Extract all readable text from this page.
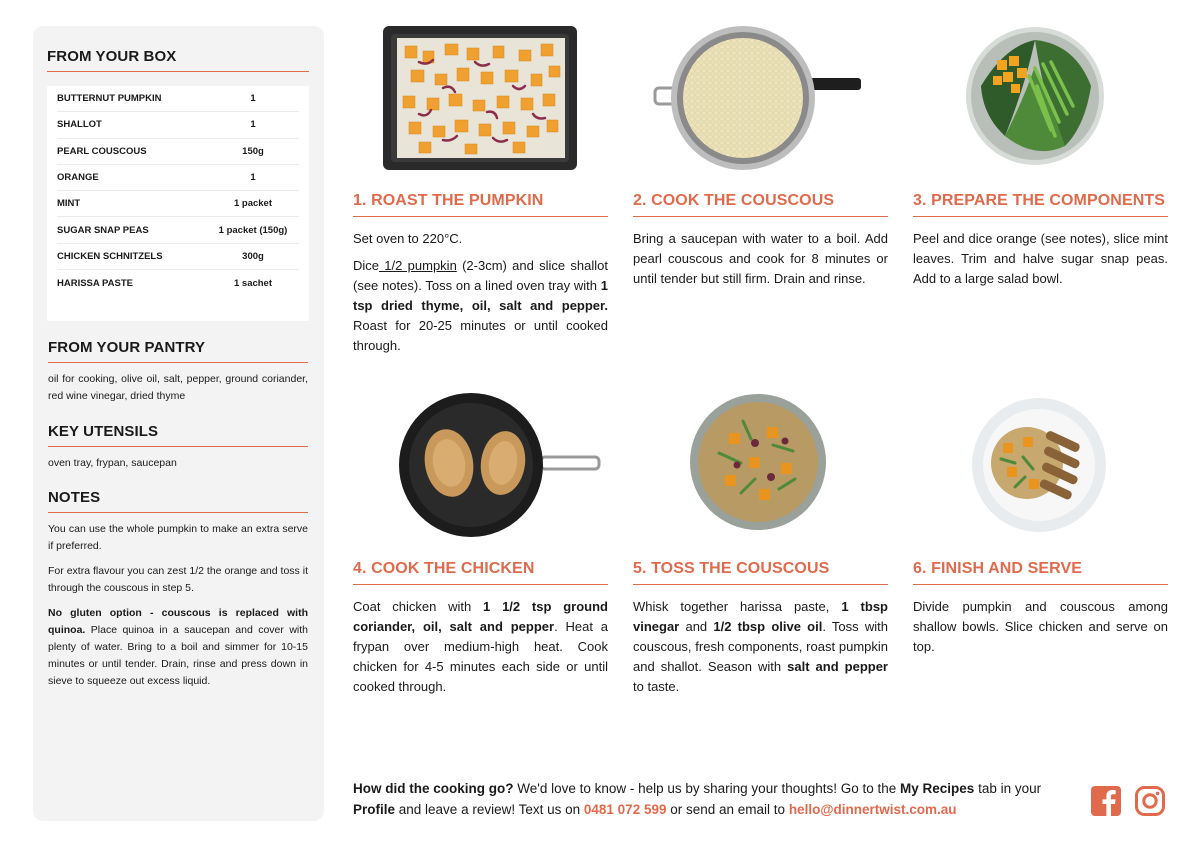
FROM YOUR BOX
BUTTERNUT PUMPKIN	1
SHALLOT	1
PEARL COUSCOUS	150g
ORANGE	1
MINT	1 packet
SUGAR SNAP PEAS	1 packet (150g)
CHICKEN SCHNITZELS	300g
HARISSA PASTE	1 sachet
FROM YOUR PANTRY
oil for cooking, olive oil, salt, pepper, ground coriander, red wine vinegar, dried thyme
KEY UTENSILS
oven tray, frypan, saucepan
NOTES

You can use the whole pumpkin to make an extra serve if preferred.

For extra flavour you can zest 1/2 the orange and toss it through the couscous in step 5.

No gluten option - couscous is replaced with quinoa. Place quinoa in a saucepan and cover with plenty of water. Bring to a boil and simmer for 10-15 minutes or until tender. Drain, rinse and press down in sieve to squeeze out excess liquid.

1. ROAST THE PUMPKIN

Set oven to 220°C.

Dice 1/2 pumpkin (2-3cm) and slice shallot (see notes). Toss on a lined oven tray with 1 tsp dried thyme, oil, salt and pepper. Roast for 20-25 minutes or until cooked through.

2. COOK THE COUSCOUS

Bring a saucepan with water to a boil. Add pearl couscous and cook for 8 minutes or until tender but still firm. Drain and rinse.

3. PREPARE THE COMPONENTS

Peel and dice orange (see notes), slice mint leaves. Trim and halve sugar snap peas. Add to a large salad bowl.

4. COOK THE CHICKEN

Coat chicken with 1 1/2 tsp ground coriander, oil, salt and pepper. Heat a frypan over medium-high heat. Cook chicken for 4-5 minutes each side or until cooked through.

5. TOSS THE COUSCOUS

Whisk together harissa paste, 1 tbsp vinegar and 1/2 tbsp olive oil. Toss with couscous, fresh components, roast pumpkin and shallot. Season with salt and pepper to taste.

6. FINISH AND SERVE

Divide pumpkin and couscous among shallow bowls. Slice chicken and serve on top.

How did the cooking go? We'd love to know - help us by sharing your thoughts! Go to the My Recipes tab in your Profile and leave a review! Text us on 0481 072 599 or send an email to hello@dinnertwist.com.au
